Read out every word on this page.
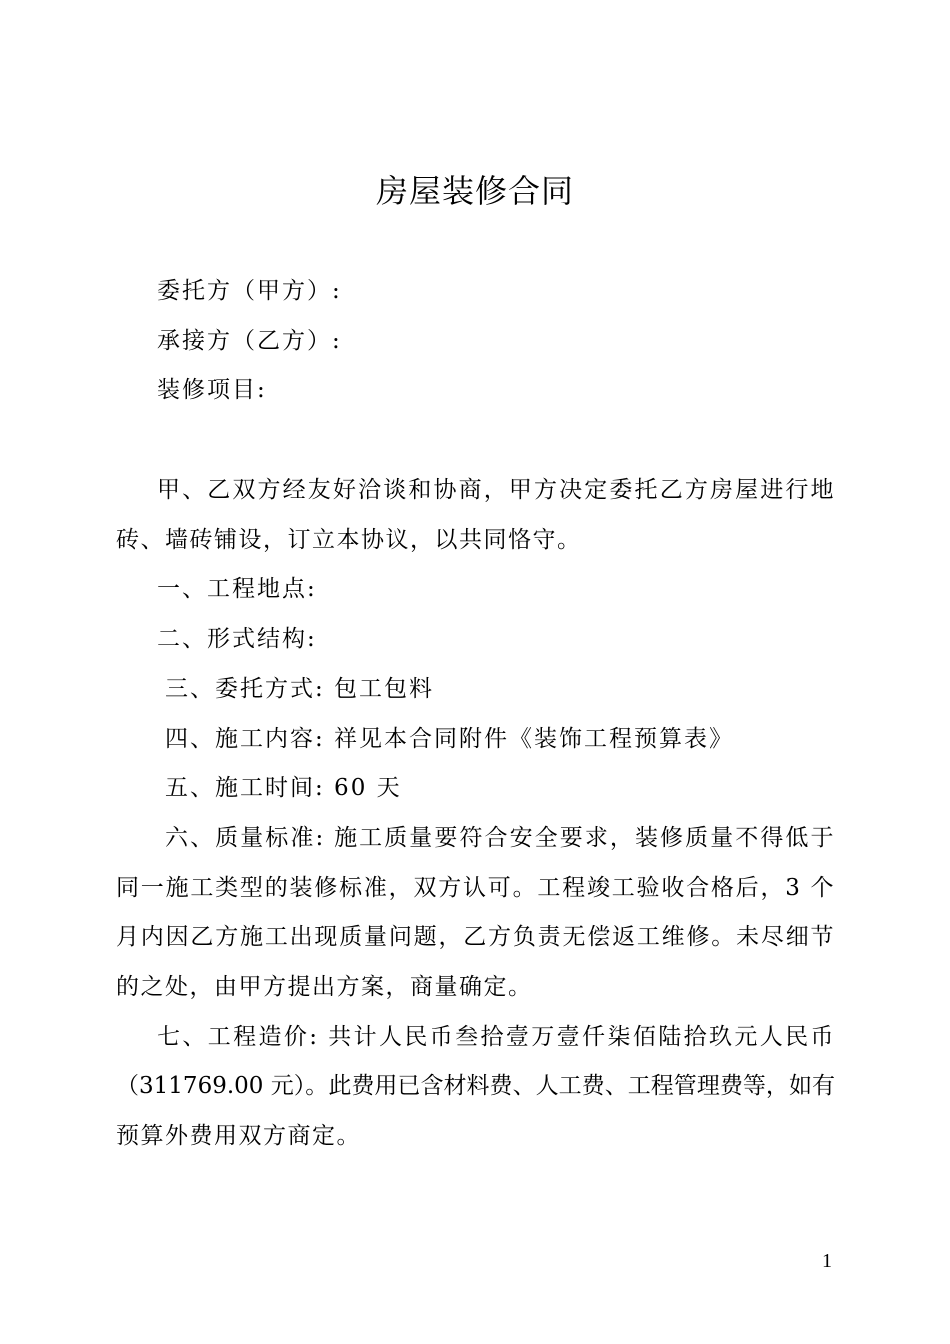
房屋装修合同
委托方（甲方）:
承接方（乙方）:
装修项目:
甲、乙双方经友好洽谈和协商，甲方决定委托乙方房屋进行地
砖、墙砖铺设，订立本协议，以共同恪守。
一、工程地点:
二、形式结构:
三、委托方式: 包工包料
四、施工内容: 祥见本合同附件《装饰工程预算表》
五、施工时间: 60 天
六、质量标准: 施工质量要符合安全要求，装修质量不得低于
同一施工类型的装修标准，双方认可。工程竣工验收合格后，3 个
月内因乙方施工出现质量问题，乙方负责无偿返工维修。未尽细节
的之处，由甲方提出方案，商量确定。
七、工程造价: 共计人民币叁拾壹万壹仟柒佰陆拾玖元人民币
（311769.00 元）。此费用已含材料费、人工费、工程管理费等，如有
预算外费用双方商定。
1
